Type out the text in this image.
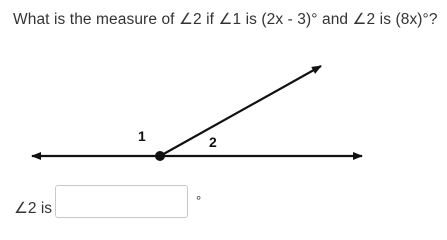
What is the measure of ∠2 if ∠1 is (2x - 3)° and ∠2 is (8x)°?
1	2
∠2 is	°
